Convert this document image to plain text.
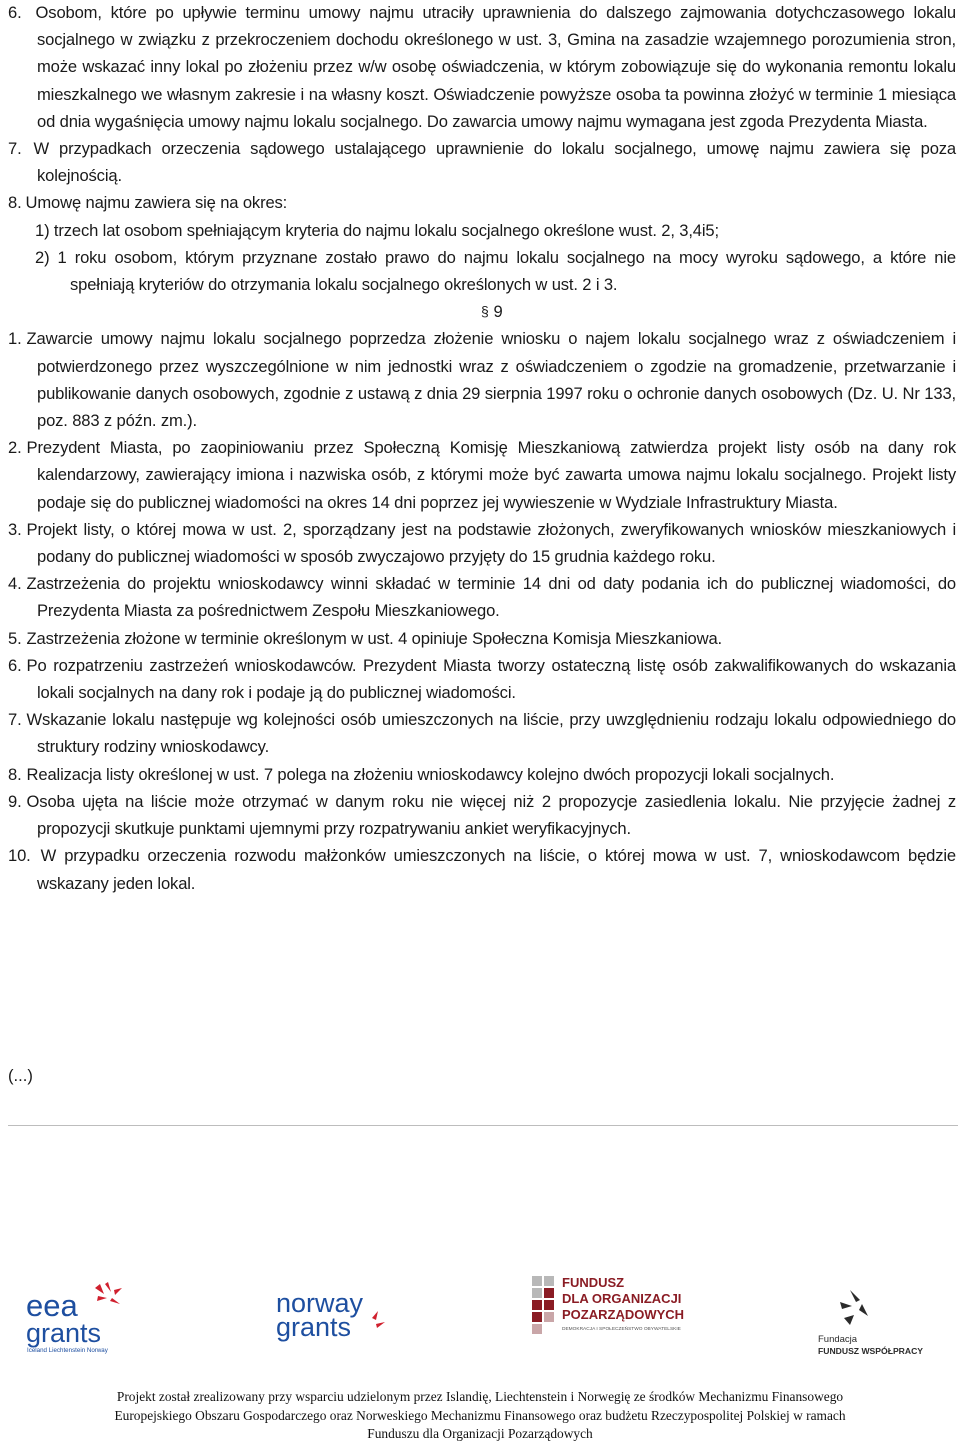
6. Osobom, które po upływie terminu umowy najmu utraciły uprawnienia do dalszego zajmowania dotychczasowego lokalu socjalnego w związku z przekroczeniem dochodu określonego w ust. 3, Gmina na zasadzie wzajemnego porozumienia stron, może wskazać inny lokal po złożeniu przez w/w osobę oświadczenia, w którym zobowiązuje się do wykonania remontu lokalu mieszkalnego we własnym zakresie i na własny koszt. Oświadczenie powyższe osoba ta powinna złożyć w terminie 1 miesiąca od dnia wygaśnięcia umowy najmu lokalu socjalnego. Do zawarcia umowy najmu wymagana jest zgoda Prezydenta Miasta.

7. W przypadkach orzeczenia sądowego ustalającego uprawnienie do lokalu socjalnego, umowę najmu zawiera się poza kolejnością.

8. Umowę najmu zawiera się na okres:

1) trzech lat osobom spełniającym kryteria do najmu lokalu socjalnego określone wust. 2, 3,4i5;

2) 1 roku osobom, którym przyznane zostało prawo do najmu lokalu socjalnego na mocy wyroku sądowego, a które nie spełniają kryteriów do otrzymania lokalu socjalnego określonych w ust. 2 i 3.

§ 9

1. Zawarcie umowy najmu lokalu socjalnego poprzedza złożenie wniosku o najem lokalu socjalnego wraz z oświadczeniem i potwierdzonego przez wyszczególnione w nim jednostki wraz z oświadczeniem o zgodzie na gromadzenie, przetwarzanie i publikowanie danych osobowych, zgodnie z ustawą z dnia 29 sierpnia 1997 roku o ochronie danych osobowych (Dz. U. Nr 133, poz. 883 z późn. zm.).

2. Prezydent Miasta, po zaopiniowaniu przez Społeczną Komisję Mieszkaniową zatwierdza projekt listy osób na dany rok kalendarzowy, zawierający imiona i nazwiska osób, z którymi może być zawarta umowa najmu lokalu socjalnego. Projekt listy podaje się do publicznej wiadomości na okres 14 dni poprzez jej wywieszenie w Wydziale Infrastruktury Miasta.

3. Projekt listy, o której mowa w ust. 2, sporządzany jest na podstawie złożonych, zweryfikowanych wniosków mieszkaniowych i podany do publicznej wiadomości w sposób zwyczajowo przyjęty do 15 grudnia każdego roku.

4. Zastrzeżenia do projektu wnioskodawcy winni składać w terminie 14 dni od daty podania ich do publicznej wiadomości, do Prezydenta Miasta za pośrednictwem Zespołu Mieszkaniowego.

5. Zastrzeżenia złożone w terminie określonym w ust. 4 opiniuje Społeczna Komisja Mieszkaniowa.

6. Po rozpatrzeniu zastrzeżeń wnioskodawców. Prezydent Miasta tworzy ostateczną listę osób zakwalifikowanych do wskazania lokali socjalnych na dany rok i podaje ją do publicznej wiadomości.

7. Wskazanie lokalu następuje wg kolejności osób umieszczonych na liście, przy uwzględnieniu rodzaju lokalu odpowiedniego do struktury rodziny wnioskodawcy.

8. Realizacja listy określonej w ust. 7 polega na złożeniu wnioskodawcy kolejno dwóch propozycji lokali socjalnych.

9. Osoba ujęta na liście może otrzymać w danym roku nie więcej niż 2 propozycje zasiedlenia lokalu. Nie przyjęcie żadnej z propozycji skutkuje punktami ujemnymi przy rozpatrywaniu ankiet weryfikacyjnych.

10. W przypadku orzeczenia rozwodu małżonków umieszczonych na liście, o której mowa w ust. 7, wnioskodawcom będzie wskazany jeden lokal.

(...)
eea
grants
Iceland Liechtenstein Norway
norway
grants
FUNDUSZ
DLA ORGANIZACJI
POZARZĄDOWYCH
DEMOKRACJA I SPOŁECZEŃSTWO OBYWATELSKIE
Fundacja
FUNDUSZ WSPÓŁPRACY
Projekt został zrealizowany przy wsparciu udzielonym przez Islandię, Liechtenstein i Norwegię ze środków Mechanizmu Finansowego
Europejskiego Obszaru Gospodarczego oraz Norweskiego Mechanizmu Finansowego oraz budżetu Rzeczypospolitej Polskiej w ramach
Funduszu dla Organizacji Pozarządowych
